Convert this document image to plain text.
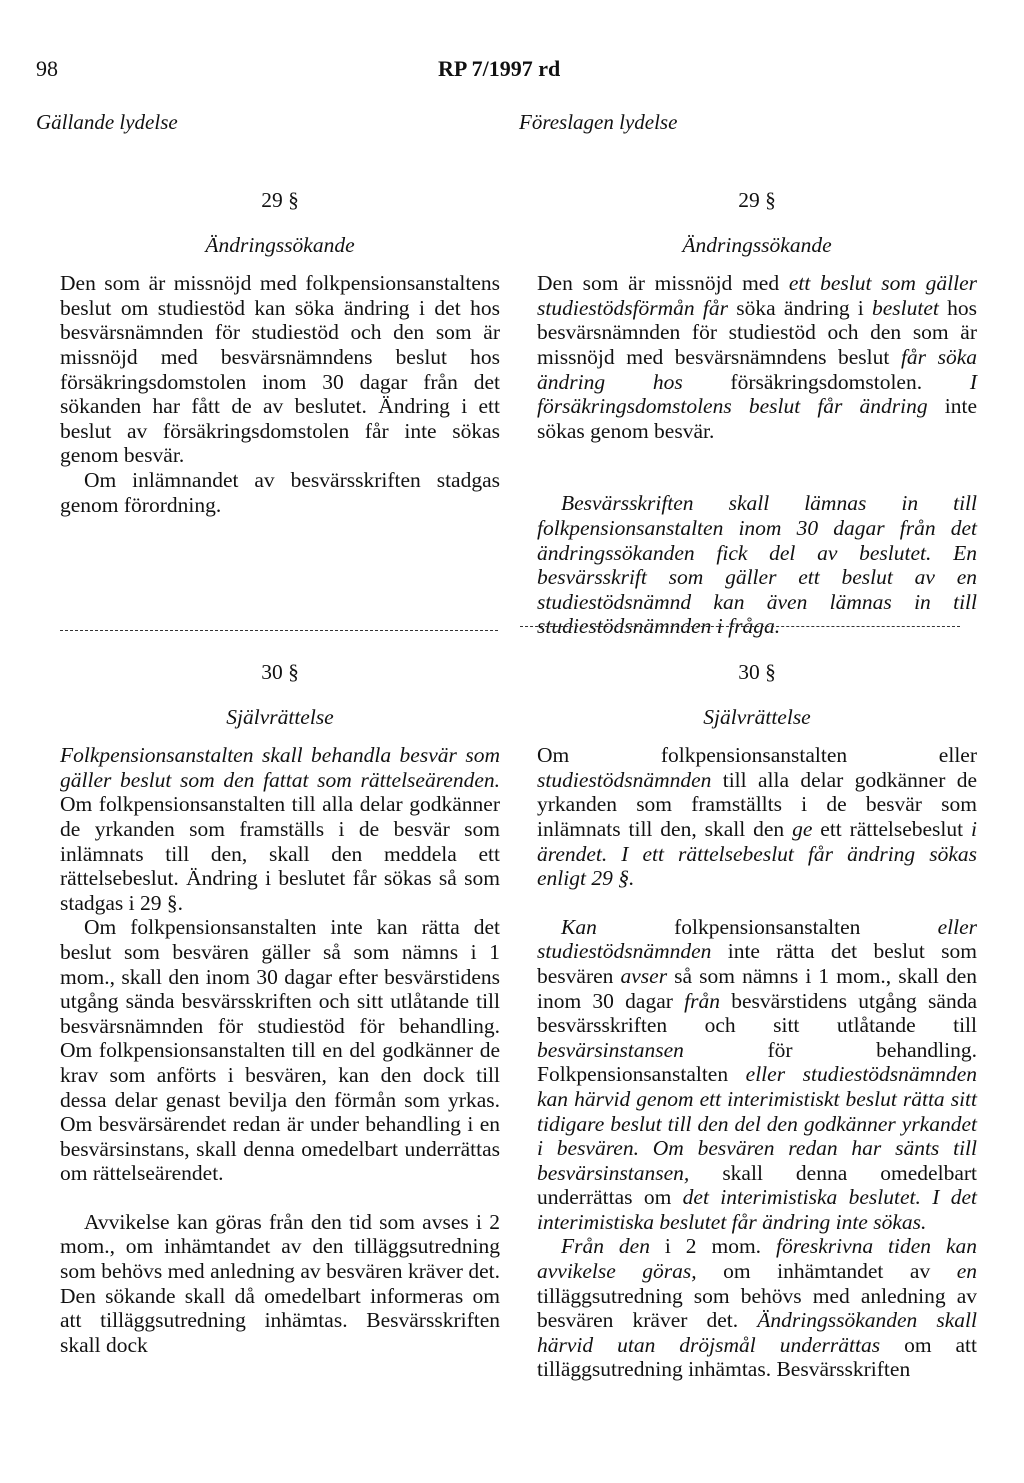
98	RP 7/1997 rd
Gällande lydelse	Föreslagen lydelse
29 §
Ändringssökande

Den som är missnöjd med folkpensionsanstaltens beslut om studiestöd kan söka ändring i det hos besvärsnämnden för studiestöd och den som är missnöjd med besvärsnämndens beslut hos försäkringsdomstolen inom 30 dagar från det sökanden har fått de av beslutet. Ändring i ett beslut av försäkringsdomstolen får inte sökas genom besvär.

Om inlämnandet av besvärsskriften stadgas genom förordning.

30 §
Självrättelse

Folkpensionsanstalten skall behandla besvär som gäller beslut som den fattat som rättelseärenden. Om folkpensionsanstalten till alla delar godkänner de yrkanden som framställs i de besvär som inlämnats till den, skall den meddela ett rättelsebeslut. Ändring i beslutet får sökas så som stadgas i 29 §.

Om folkpensionsanstalten inte kan rätta det beslut som besvären gäller så som nämns i 1 mom., skall den inom 30 dagar efter besvärstidens utgång sända besvärsskriften och sitt utlåtande till besvärsnämnden för studiestöd för behandling. Om folkpensionsanstalten till en del godkänner de krav som anförts i besvären, kan den dock till dessa delar genast bevilja den förmån som yrkas. Om besvärsärendet redan är under behandling i en besvärsinstans, skall denna omedelbart underrättas om rättelseärendet.

Avvikelse kan göras från den tid som avses i 2 mom., om inhämtandet av den tilläggsutredning som behövs med anledning av besvären kräver det. Den sökande skall då omedelbart informeras om att tilläggsutredning inhämtas. Besvärsskriften skall dock

29 §
Ändringssökande

Den som är missnöjd med ett beslut som gäller studiestödsförmån får söka ändring i beslutet hos besvärsnämnden för studiestöd och den som är missnöjd med besvärsnämndens beslut får söka ändring hos försäkringsdomstolen. I försäkringsdomstolens beslut får ändring inte sökas genom besvär.

Besvärsskriften skall lämnas in till folkpensionsanstalten inom 30 dagar från det ändringssökanden fick del av beslutet. En besvärsskrift som gäller ett beslut av en studiestödsnämnd kan även lämnas in till studiestödsnämnden i fråga.

30 §
Självrättelse

Om folkpensionsanstalten eller studiestödsnämnden till alla delar godkänner de yrkanden som framställts i de besvär som inlämnats till den, skall den ge ett rättelsebeslut i ärendet. I ett rättelsebeslut får ändring sökas enligt 29 §.

Kan folkpensionsanstalten eller studiestödsnämnden inte rätta det beslut som besvären avser så som nämns i 1 mom., skall den inom 30 dagar från besvärstidens utgång sända besvärsskriften och sitt utlåtande till besvärsinstansen för behandling. Folkpensionsanstalten eller studiestödsnämnden kan härvid genom ett interimistiskt beslut rätta sitt tidigare beslut till den del den godkänner yrkandet i besvären. Om besvären redan har sänts till besvärsinstansen, skall denna omedelbart underrättas om det interimistiska beslutet. I det interimistiska beslutet får ändring inte sökas.

Från den i 2 mom. föreskrivna tiden kan avvikelse göras, om inhämtandet av en tilläggsutredning som behövs med anledning av besvären kräver det. Ändringssökanden skall härvid utan dröjsmål underrättas om att tilläggsutredning inhämtas. Besvärsskriften
